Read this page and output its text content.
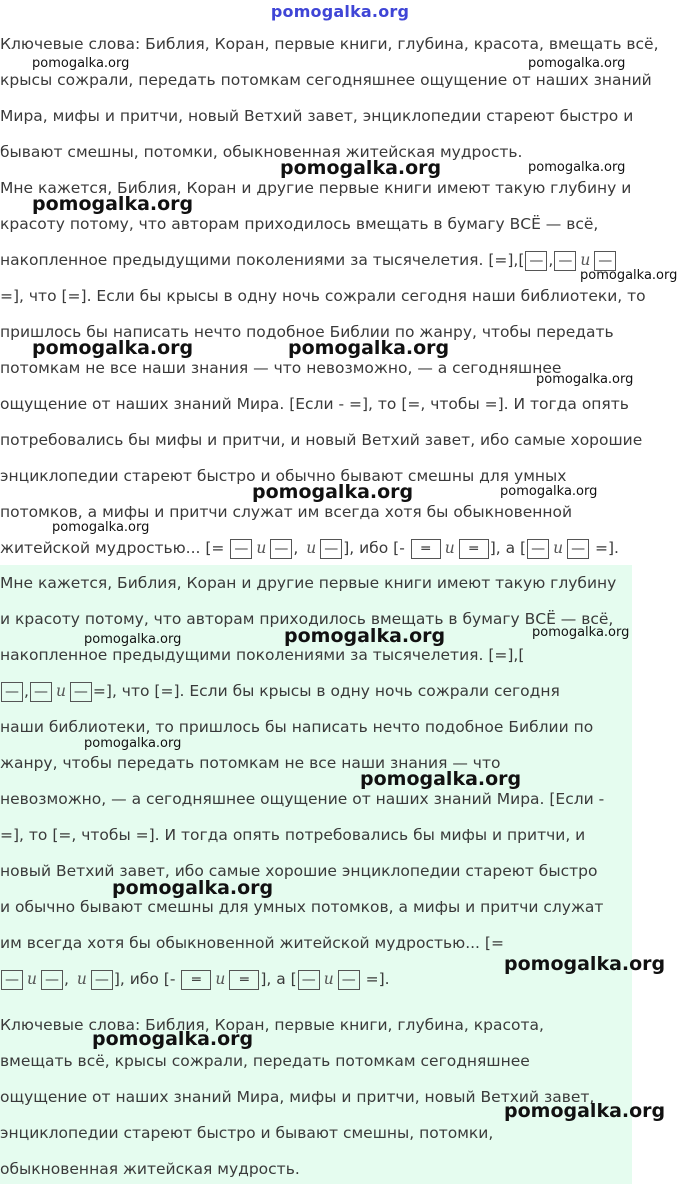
pomogalka.org
Ключевые слова: Библия, Коран, первые книги, глубина, красота, вмещать всё,
крысы сожрали, передать потомкам сегодняшнее ощущение от наших знаний
Мира, мифы и притчи, новый Ветхий завет, энциклопедии стареют быстро и
бывают смешны, потомки, обыкновенная житейская мудрость.
Мне кажется, Библия, Коран и другие первые книги имеют такую глубину и
красоту потому, что авторам приходилось вмещать в бумагу ВСЁ — всё,
накопленное предыдущими поколениями за тысячелетия. [=],[ — , — и —
=], что [=]. Если бы крысы в одну ночь сожрали сегодня наши библиотеки, то
пришлось бы написать нечто подобное Библии по жанру, чтобы передать
потомкам не все наши знания — что невозможно, — а сегодняшнее
ощущение от наших знаний Мира. [Если - =], то [=, чтобы =]. И тогда опять
потребовались бы мифы и притчи, и новый Ветхий завет, ибо самые хорошие
энциклопедии стареют быстро и обычно бывают смешны для умных
потомков, а мифы и притчи служат им всегда хотя бы обыкновенной
житейской мудростью... [= — и — , и — ], ибо [- ═ и ═ ], а [ — и — =].
Мне кажется, Библия, Коран и другие первые книги имеют такую глубину
и красоту потому, что авторам приходилось вмещать в бумагу ВСЁ — всё,
накопленное предыдущими поколениями за тысячелетия. [=],[
— , — и — =], что [=]. Если бы крысы в одну ночь сожрали сегодня
наши библиотеки, то пришлось бы написать нечто подобное Библии по
жанру, чтобы передать потомкам не все наши знания — что
невозможно, — а сегодняшнее ощущение от наших знаний Мира. [Если -
=], то [=, чтобы =]. И тогда опять потребовались бы мифы и притчи, и
новый Ветхий завет, ибо самые хорошие энциклопедии стареют быстро
и обычно бывают смешны для умных потомков, а мифы и притчи служат
им всегда хотя бы обыкновенной житейской мудростью... [=
— и — , и — ], ибо [- ═ и ═ ], а [ — и — =].
Ключевые слова: Библия, Коран, первые книги, глубина, красота,
вмещать всё, крысы сожрали, передать потомкам сегодняшнее
ощущение от наших знаний Мира, мифы и притчи, новый Ветхий завет,
энциклопедии стареют быстро и бывают смешны, потомки,
обыкновенная житейская мудрость.
pomogalka.org	pomogalka.org
pomogalka.org	pomogalka.org
pomogalka.org
pomogalka.org
pomogalka.org	pomogalka.org
pomogalka.org
pomogalka.org	pomogalka.org
pomogalka.org
pomogalka.org	pomogalka.org
pomogalka.org
pomogalka.org
pomogalka.org
pomogalka.org
pomogalka.org
pomogalka.org
pomogalka.org
